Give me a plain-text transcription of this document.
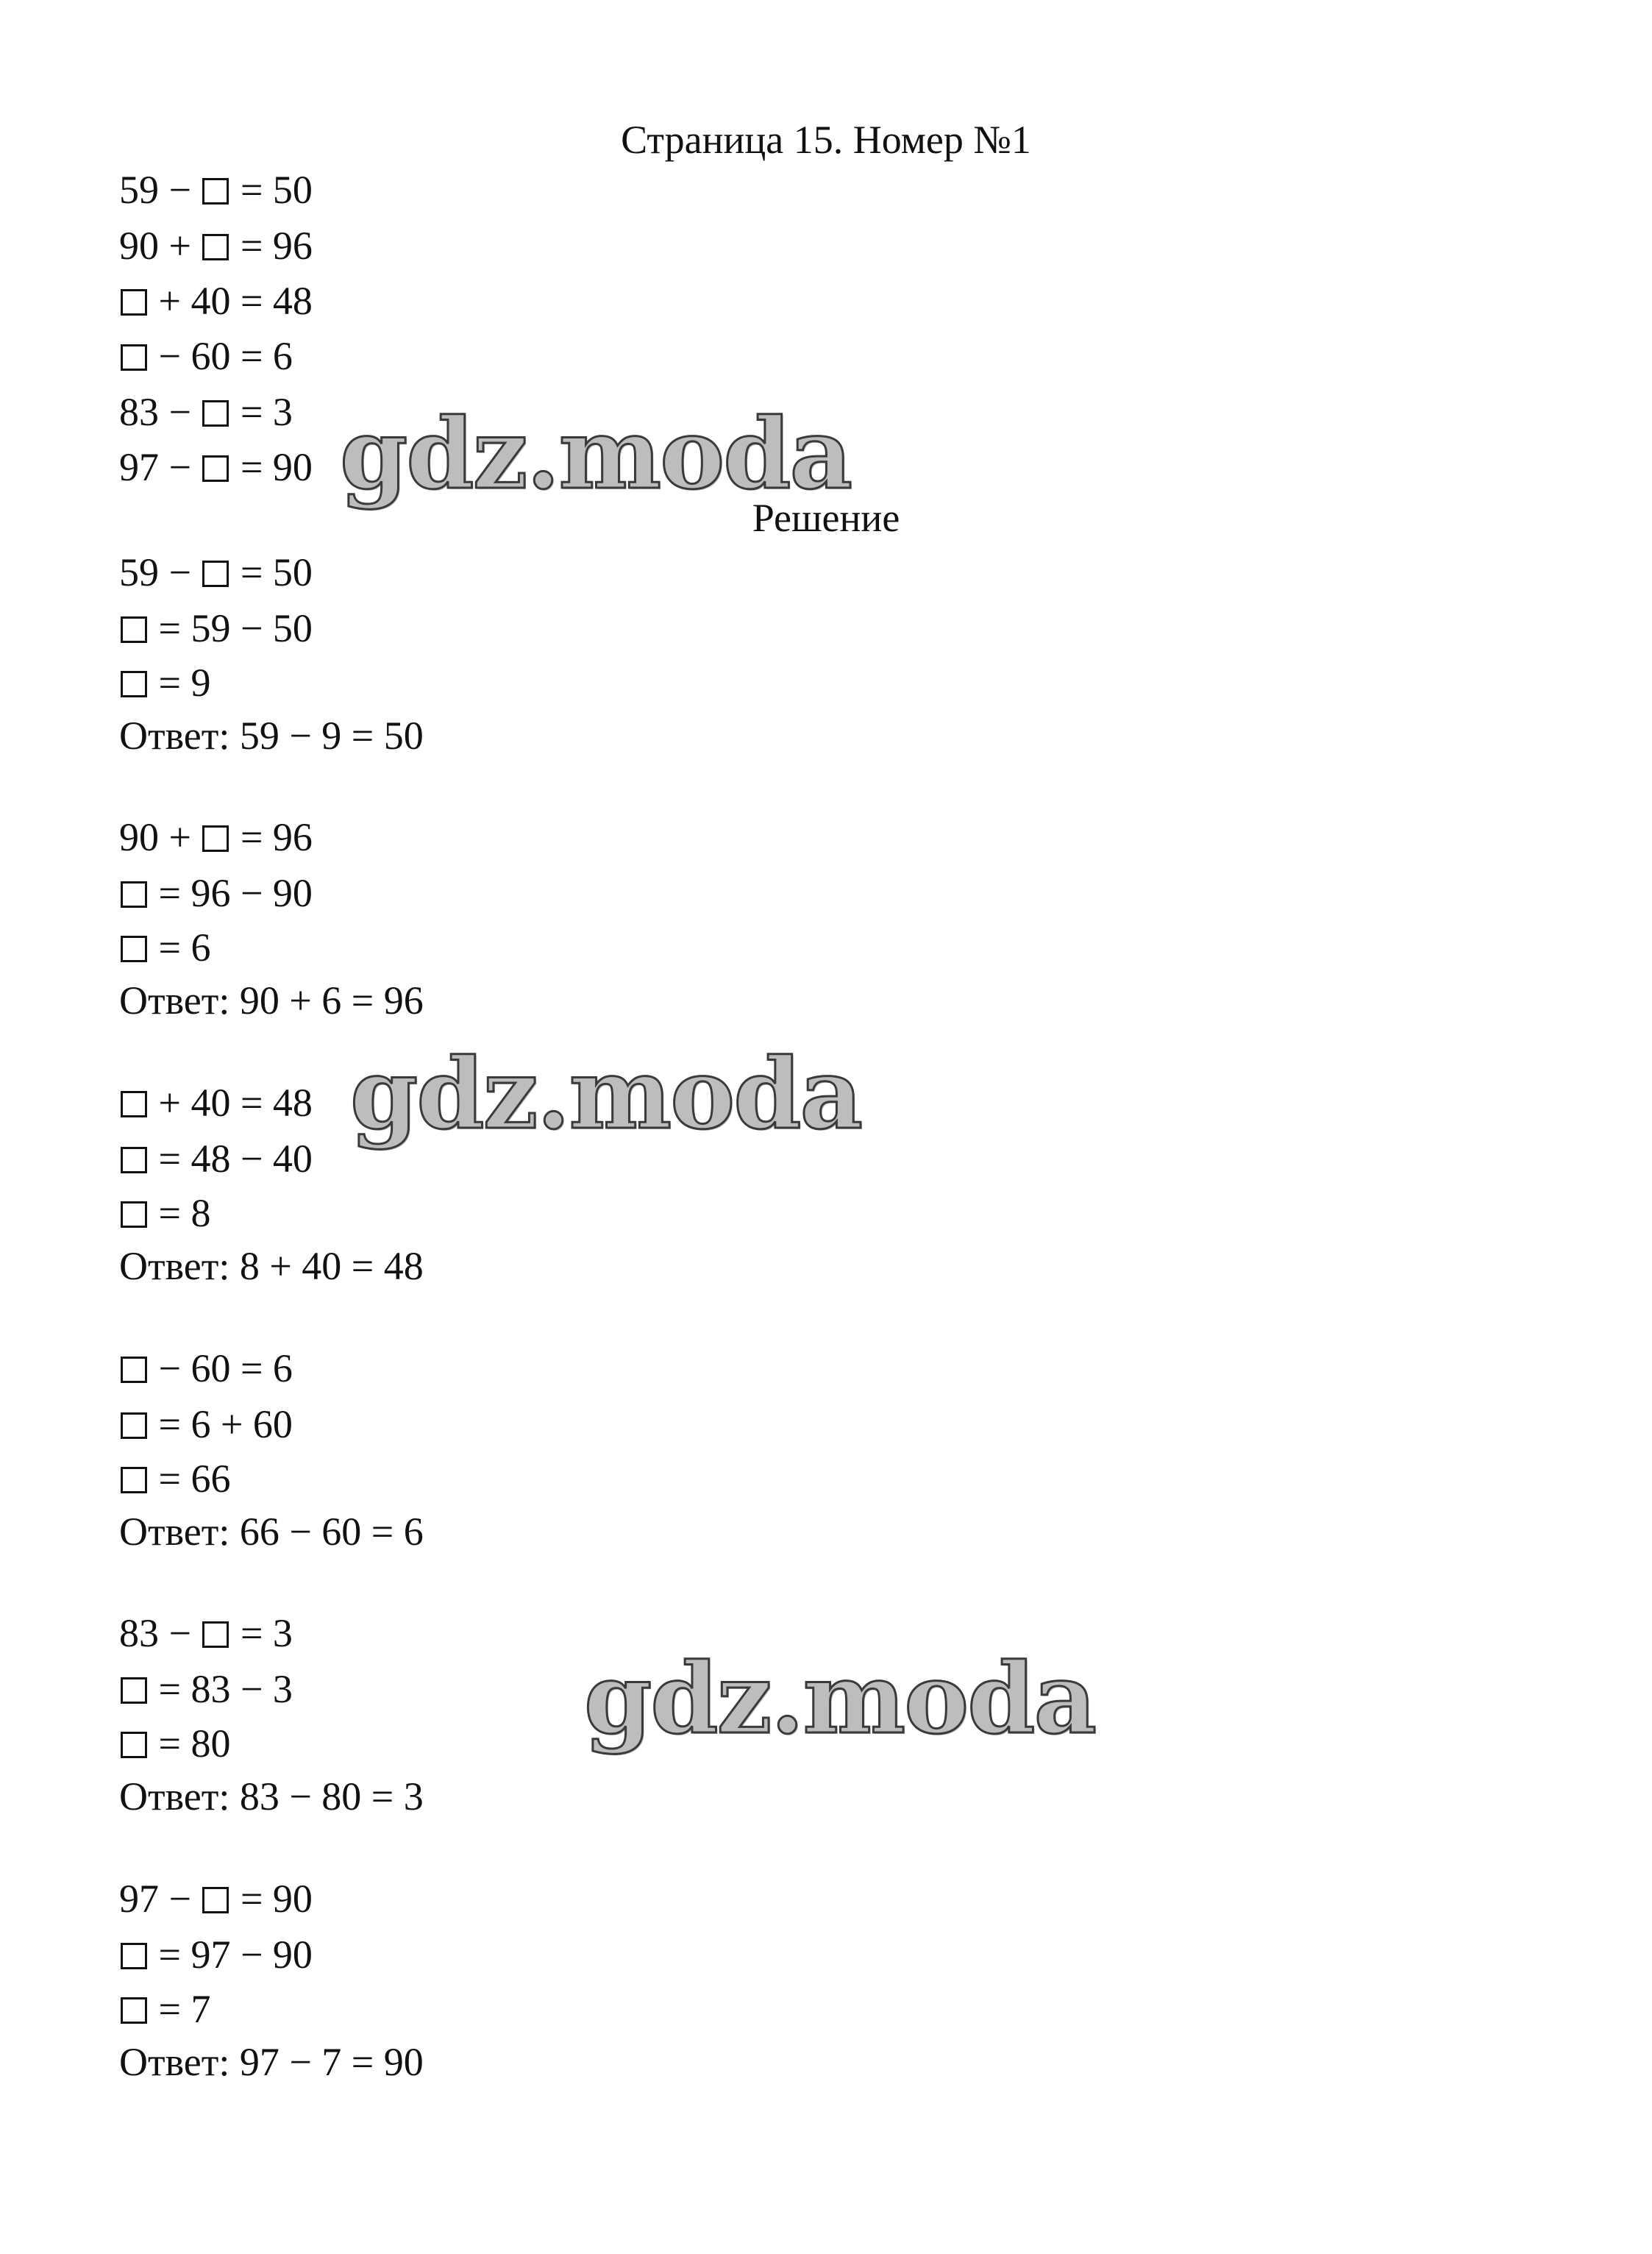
Страница 15. Номер №1
59 −  = 50
90 +  = 96
+ 40 = 48
− 60 = 6
83 −  = 3
97 −  = 90
Решение
59 −  = 50
= 59 − 50
= 9
Ответ: 59 − 9 = 50
90 +  = 96
= 96 − 90
= 6
Ответ: 90 + 6 = 96
+ 40 = 48
= 48 − 40
= 8
Ответ: 8 + 40 = 48
− 60 = 6
= 6 + 60
= 66
Ответ: 66 − 60 = 6
83 −  = 3
= 83 − 3
= 80
Ответ: 83 − 80 = 3
97 −  = 90
= 97 − 90
= 7
Ответ: 97 − 7 = 90
gdz.moda
gdz.moda
gdz.moda
